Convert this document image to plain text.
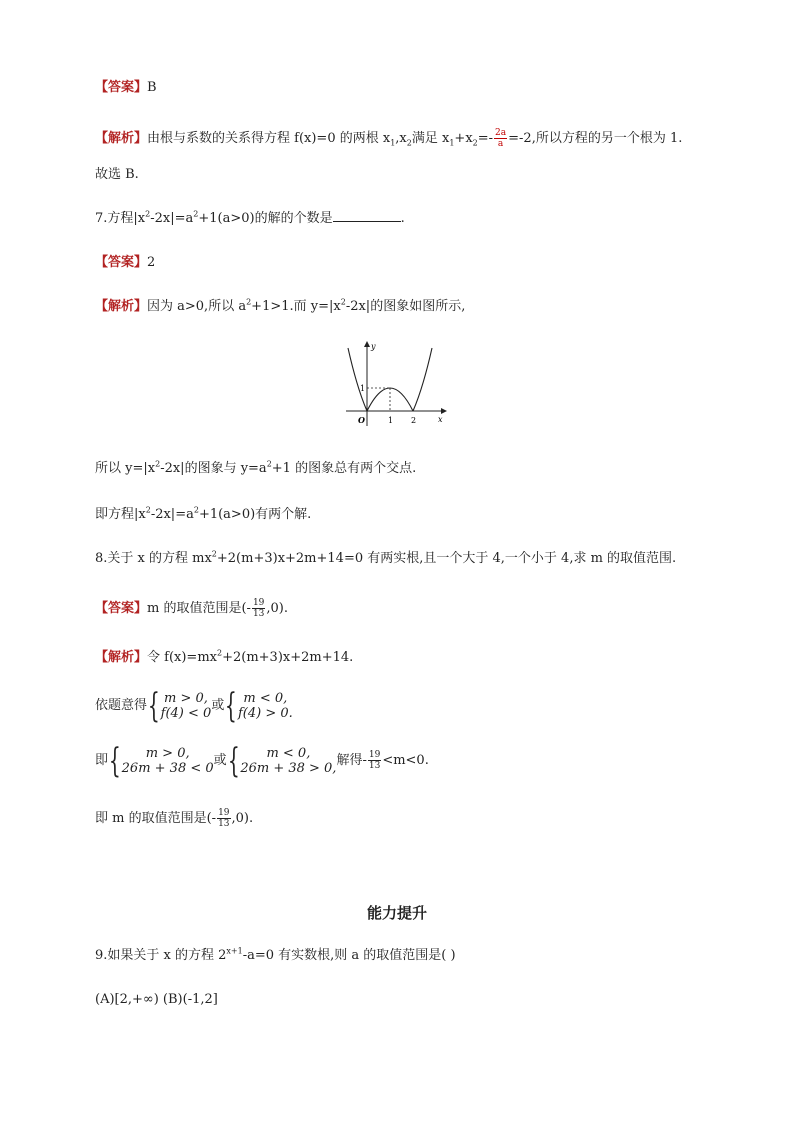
【答案】B
【解析】由根与系数的关系得方程 f(x)=0 的两根 $x_1,x_2$满足 $x_1+x_2=- \frac{2a}{a} =-2$,所以方程的另一个根为 1.
故选 B.
7.方程$|x^2-2x|=a^2+1(a>0)$的解的个数是	.
【答案】2
【解析】因为 a>0,所以 $a^2+1>1$.而 $y=|x^2-2x|$的图象如图所示,
y
x
O	1 2
1
所以 $y=|x^2-2x|$的图象与 $y=a^2+1$ 的图象总有两个交点.
即方程$|x^2-2x|=a^2+1(a>0)$有两个解.
8.关于 x 的方程 $mx^2+2(m+3)x+2m+14=0$ 有两实根,且一个大于 4,一个小于 4,求 m 的取值范围.
【答案】m 的取值范围是(- $\frac{19}{13} ,0$).
【解析】令 $f(x)=mx^2+2(m+3)x+2m+14$.
依题意得{ m > 0,
f(4) < 0 或{ m < 0,
f(4) > 0.
即{	m > 0,
26m + 38 < 0 或{	m < 0,
26m + 38 > 0, 解得- $\frac{19}{13} <m<0$.
即 m 的取值范围是(- $\frac{19}{13} ,0$).
能力提升
9.如果关于 x 的方程 $2^{x+1}-a=0$ 有实数根,则 a 的取值范围是( )
(A)[2,+∞) (B)(-1,2]
